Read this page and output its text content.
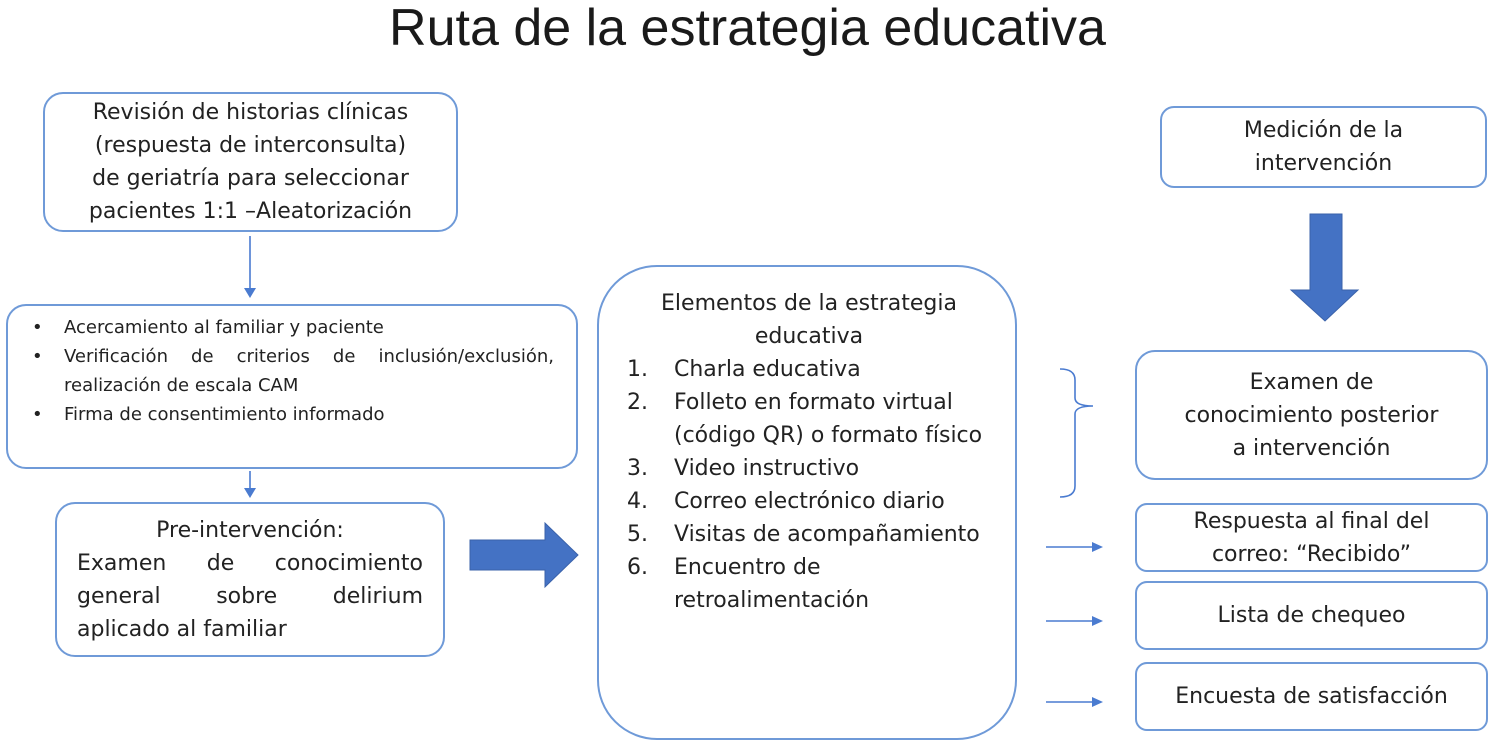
Ruta de la estrategia educativa
Revisión de historias clínicas
(respuesta de interconsulta)
de geriatría para seleccionar
pacientes 1:1 –Aleatorización
• Acercamiento al familiar y paciente
• Verificación de criterios de inclusión/exclusión, realización de escala CAM
• Firma de consentimiento informado
Pre-intervención:
Examen de conocimiento general sobre delirium aplicado al familiar
Elementos de la estrategia educativa
1. Charla educativa
2. Folleto en formato virtual (código QR) o formato físico
3. Video instructivo
4. Correo electrónico diario
5. Visitas de acompañamiento
6. Encuentro de retroalimentación
Medición de la
intervención
Examen de
conocimiento posterior
a intervención
Respuesta al final del
correo: “Recibido”
Lista de chequeo
Encuesta de satisfacción
